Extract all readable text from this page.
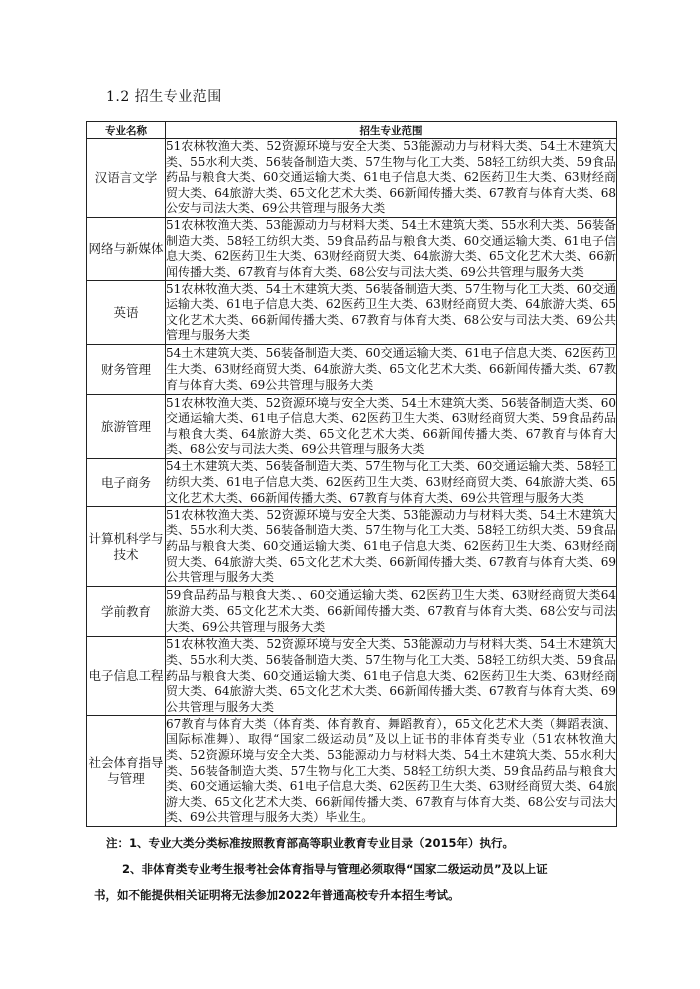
1.2 招生专业范围
专业名称	招生专业范围
汉语言文学	51农林牧渔大类、52资源环境与安全大类、53能源动力与材料大类、54土木建筑大类、55水利大类、56装备制造大类、57生物与化工大类、58轻工纺织大类、59食品药品与粮食大类、60交通运输大类、61电子信息大类、62医药卫生大类、63财经商贸大类、64旅游大类、65文化艺术大类、66新闻传播大类、67教育与体育大类、68公安与司法大类、69公共管理与服务大类
网络与新媒体	51农林牧渔大类、53能源动力与材料大类、54土木建筑大类、55水利大类、56装备制造大类、58轻工纺织大类、59食品药品与粮食大类、60交通运输大类、61电子信息大类、62医药卫生大类、63财经商贸大类、64旅游大类、65文化艺术大类、66新闻传播大类、67教育与体育大类、68公安与司法大类、69公共管理与服务大类
英语	51农林牧渔大类、54土木建筑大类、56装备制造大类、57生物与化工大类、60交通运输大类、61电子信息大类、62医药卫生大类、63财经商贸大类、64旅游大类、65文化艺术大类、66新闻传播大类、67教育与体育大类、68公安与司法大类、69公共管理与服务大类
财务管理	54土木建筑大类、56装备制造大类、60交通运输大类、61电子信息大类、62医药卫生大类、63财经商贸大类、64旅游大类、65文化艺术大类、66新闻传播大类、67教育与体育大类、69公共管理与服务大类
旅游管理	51农林牧渔大类、52资源环境与安全大类、54土木建筑大类、56装备制造大类、60交通运输大类、61电子信息大类、62医药卫生大类、63财经商贸大类、59食品药品与粮食大类、64旅游大类、65文化艺术大类、66新闻传播大类、67教育与体育大类、68公安与司法大类、69公共管理与服务大类
电子商务	54土木建筑大类、56装备制造大类、57生物与化工大类、60交通运输大类、58轻工纺织大类、61电子信息大类、62医药卫生大类、63财经商贸大类、64旅游大类、65文化艺术大类、66新闻传播大类、67教育与体育大类、69公共管理与服务大类
计算机科学与技术	51农林牧渔大类、52资源环境与安全大类、53能源动力与材料大类、54土木建筑大类、55水利大类、56装备制造大类、57生物与化工大类、58轻工纺织大类、59食品药品与粮食大类、60交通运输大类、61电子信息大类、62医药卫生大类、63财经商贸大类、64旅游大类、65文化艺术大类、66新闻传播大类、67教育与体育大类、69公共管理与服务大类
学前教育	59食品药品与粮食大类、、60交通运输大类、62医药卫生大类、63财经商贸大类64旅游大类、65文化艺术大类、66新闻传播大类、67教育与体育大类、68公安与司法大类、69公共管理与服务大类
电子信息工程	51农林牧渔大类、52资源环境与安全大类、53能源动力与材料大类、54土木建筑大类、55水利大类、56装备制造大类、57生物与化工大类、58轻工纺织大类、59食品药品与粮食大类、60交通运输大类、61电子信息大类、62医药卫生大类、63财经商贸大类、64旅游大类、65文化艺术大类、66新闻传播大类、67教育与体育大类、69公共管理与服务大类
社会体育指导与管理	67教育与体育大类（体育类、体育教育、舞蹈教育），65文化艺术大类（舞蹈表演、国际标准舞）、取得“国家二级运动员”及以上证书的非体育类专业（51农林牧渔大类、52资源环境与安全大类、53能源动力与材料大类、54土木建筑大类、55水利大类、56装备制造大类、57生物与化工大类、58轻工纺织大类、59食品药品与粮食大类、60交通运输大类、61电子信息大类、62医药卫生大类、63财经商贸大类、64旅游大类、65文化艺术大类、66新闻传播大类、67教育与体育大类、68公安与司法大类、69公共管理与服务大类）毕业生。

注：1、专业大类分类标准按照教育部高等职业教育专业目录（2015年）执行。

2、非体育类专业考生报考社会体育指导与管理必须取得“国家二级运动员”及以上证

书，如不能提供相关证明将无法参加2022年普通高校专升本招生考试。
